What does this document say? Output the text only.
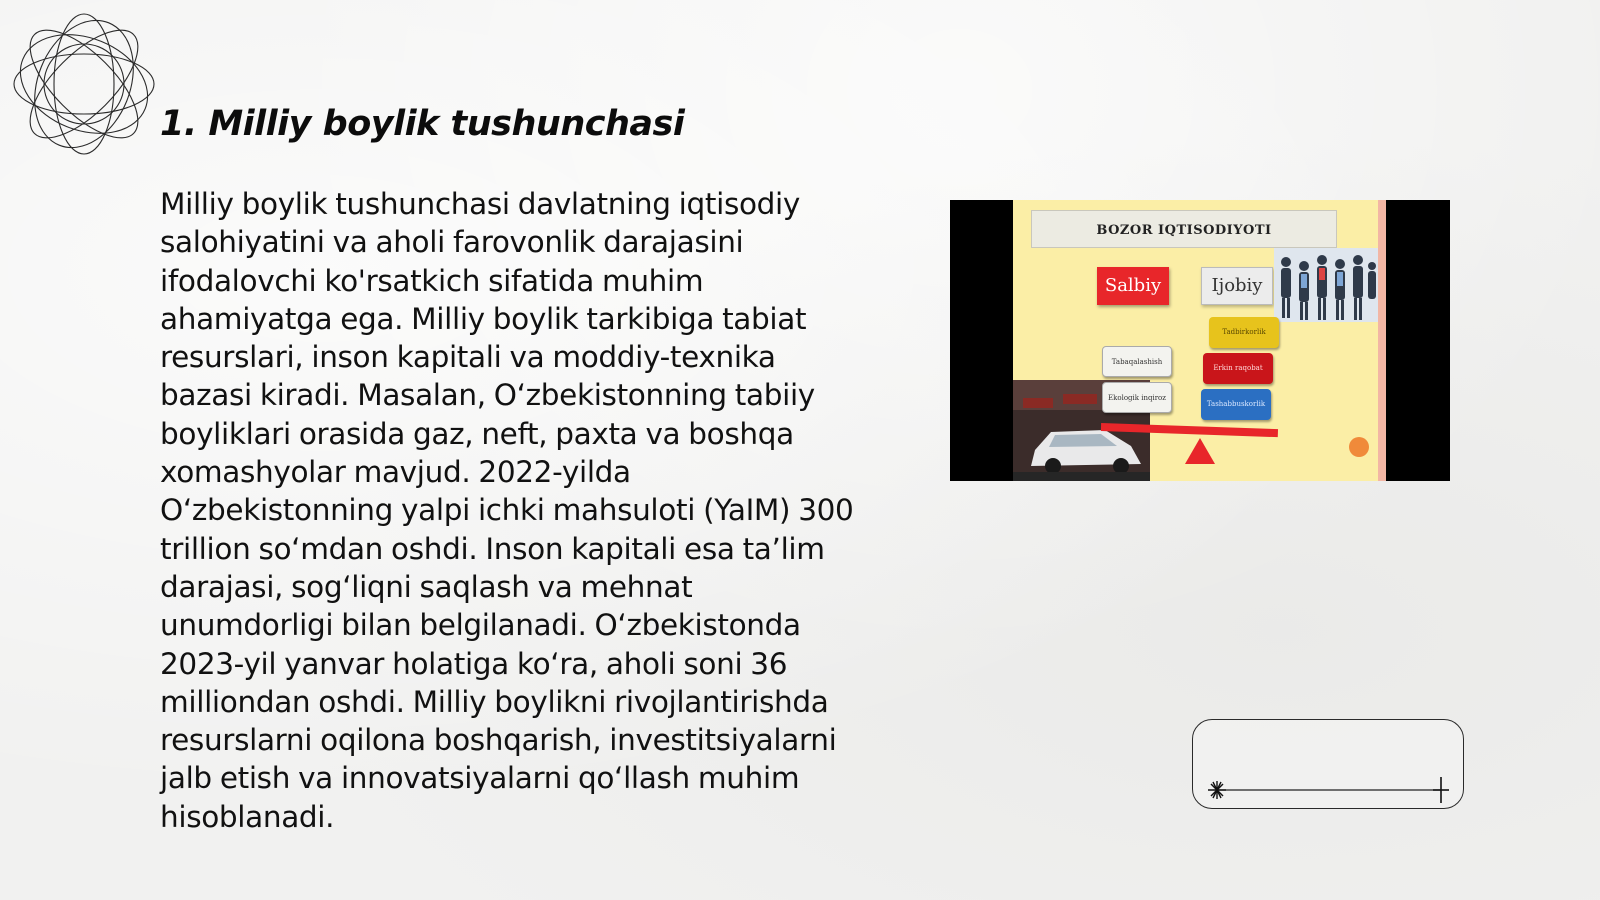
1. Milliy boylik tushunchasi

Milliy boylik tushunchasi davlatning iqtisodiy salohiyatini va aholi farovonlik darajasini ifodalovchi ko'rsatkich sifatida muhim ahamiyatga ega. Milliy boylik tarkibiga tabiat resurslari, inson kapitali va moddiy-texnika bazasi kiradi. Masalan, O‘zbekistonning tabiiy boyliklari orasida gaz, neft, paxta va boshqa xomashyolar mavjud. 2022-yilda O‘zbekistonning yalpi ichki mahsuloti (YaIM) 300 trillion so‘mdan oshdi. Inson kapitali esa ta’lim darajasi, sog‘liqni saqlash va mehnat unumdorligi bilan belgilanadi. O‘zbekistonda 2023-yil yanvar holatiga ko‘ra, aholi soni 36 milliondan oshdi. Milliy boylikni rivojlantirishda resurslarni oqilona boshqarish, investitsiyalarni jalb etish va innovatsiyalarni qo‘llash muhim hisoblanadi.

BOZOR IQTISODIYOTI
Salbiy	Ijobiy
Tabaqalashish
Ekologik inqiroz
Tadbirkorlik
Erkin raqobat
Tashabbuskorlik
